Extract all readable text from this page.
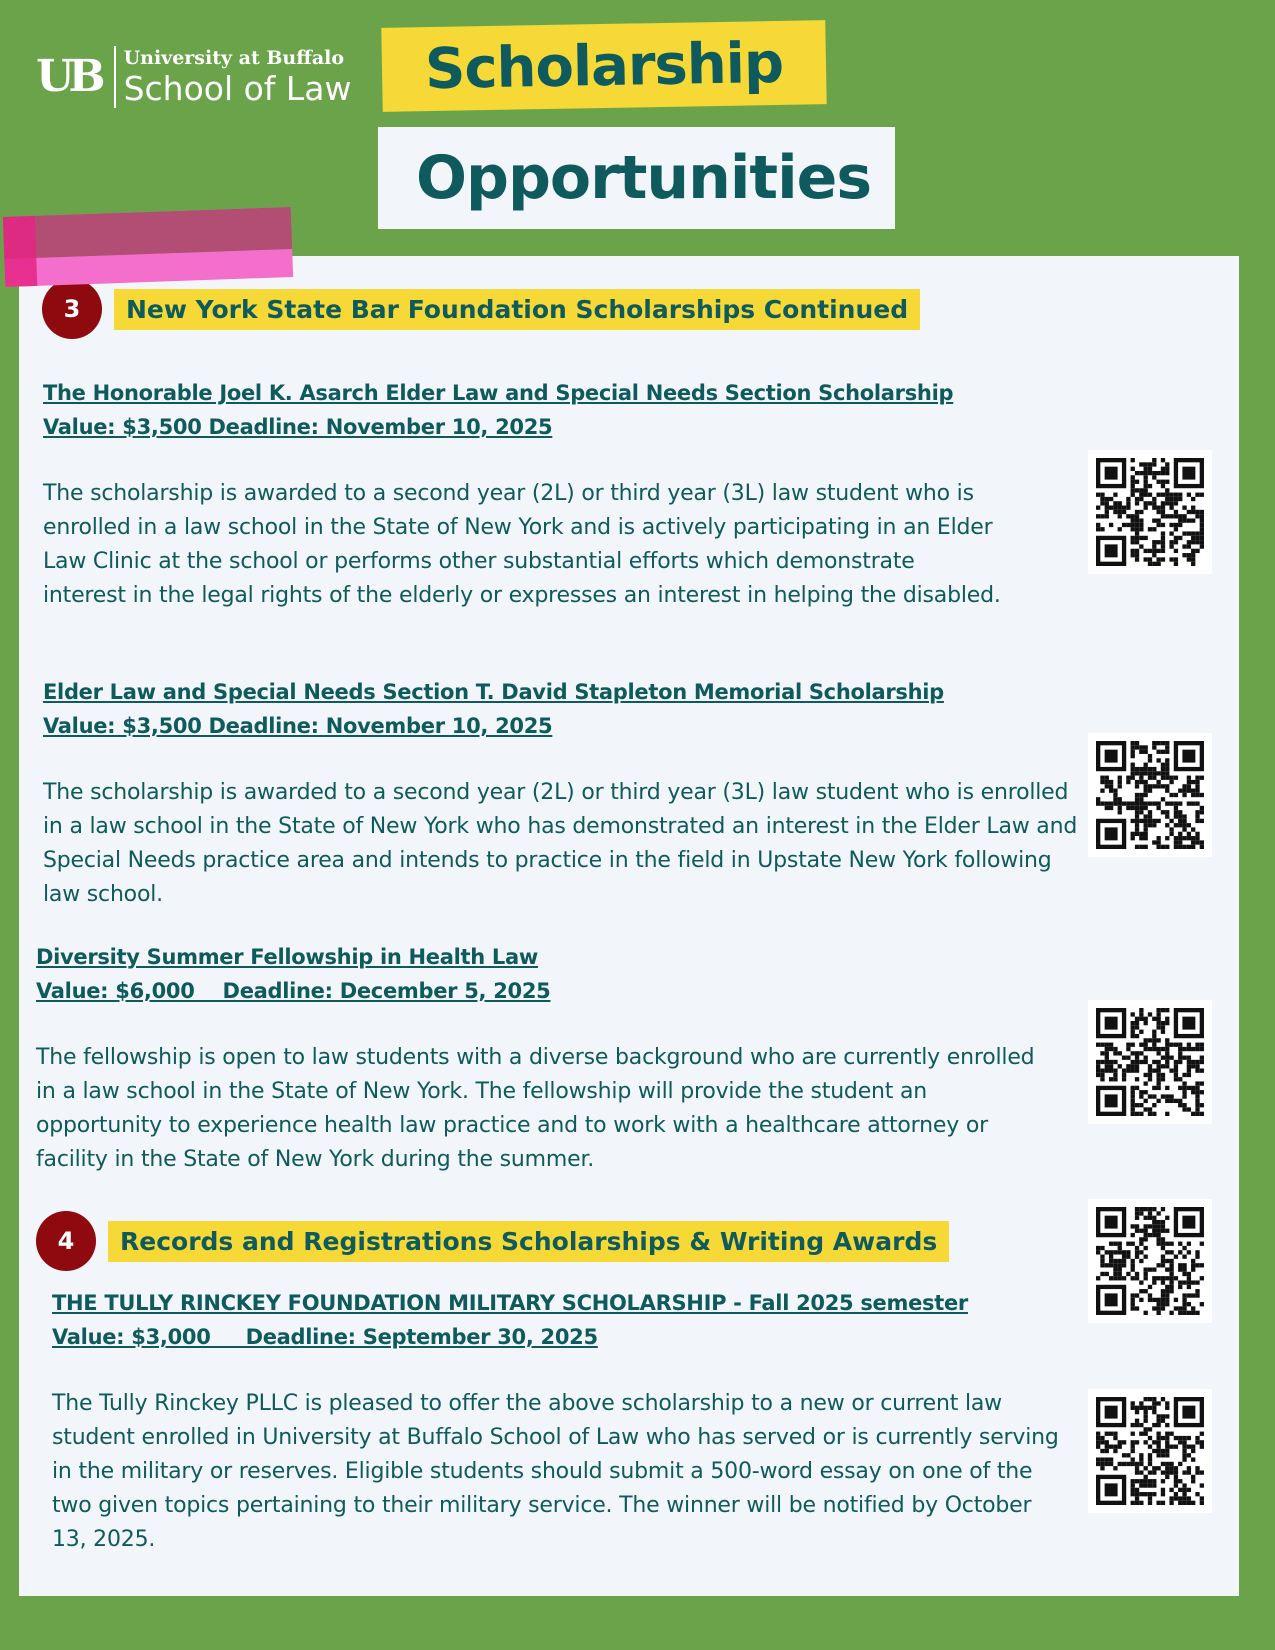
UB University at Buffalo
School of Law Scholarship
Opportunities
3	New York State Bar Foundation Scholarships Continued
The Honorable Joel K. Asarch Elder Law and Special Needs Section Scholarship
Value: $3,500 Deadline: November 10, 2025
The scholarship is awarded to a second year (2L) or third year (3L) law student who is enrolled in a law school in the State of New York and is actively participating in an Elder Law Clinic at the school or performs other substantial efforts which demonstrate interest in the legal rights of the elderly or expresses an interest in helping the disabled.
Elder Law and Special Needs Section T. David Stapleton Memorial Scholarship
Value: $3,500 Deadline: November 10, 2025
The scholarship is awarded to a second year (2L) or third year (3L) law student who is enrolled in a law school in the State of New York who has demonstrated an interest in the Elder Law and Special Needs practice area and intends to practice in the field in Upstate New York following law school.
Diversity Summer Fellowship in Health Law
Value: $6,000    Deadline: December 5, 2025
The fellowship is open to law students with a diverse background who are currently enrolled in a law school in the State of New York. The fellowship will provide the student an opportunity to experience health law practice and to work with a healthcare attorney or facility in the State of New York during the summer.
4	Records and Registrations Scholarships & Writing Awards
THE TULLY RINCKEY FOUNDATION MILITARY SCHOLARSHIP - Fall 2025 semester
Value: $3,000     Deadline: September 30, 2025
The Tully Rinckey PLLC is pleased to offer the above scholarship to a new or current law student enrolled in University at Buffalo School of Law who has served or is currently serving in the military or reserves. Eligible students should submit a 500-word essay on one of the two given topics pertaining to their military service. The winner will be notified by October 13, 2025.
